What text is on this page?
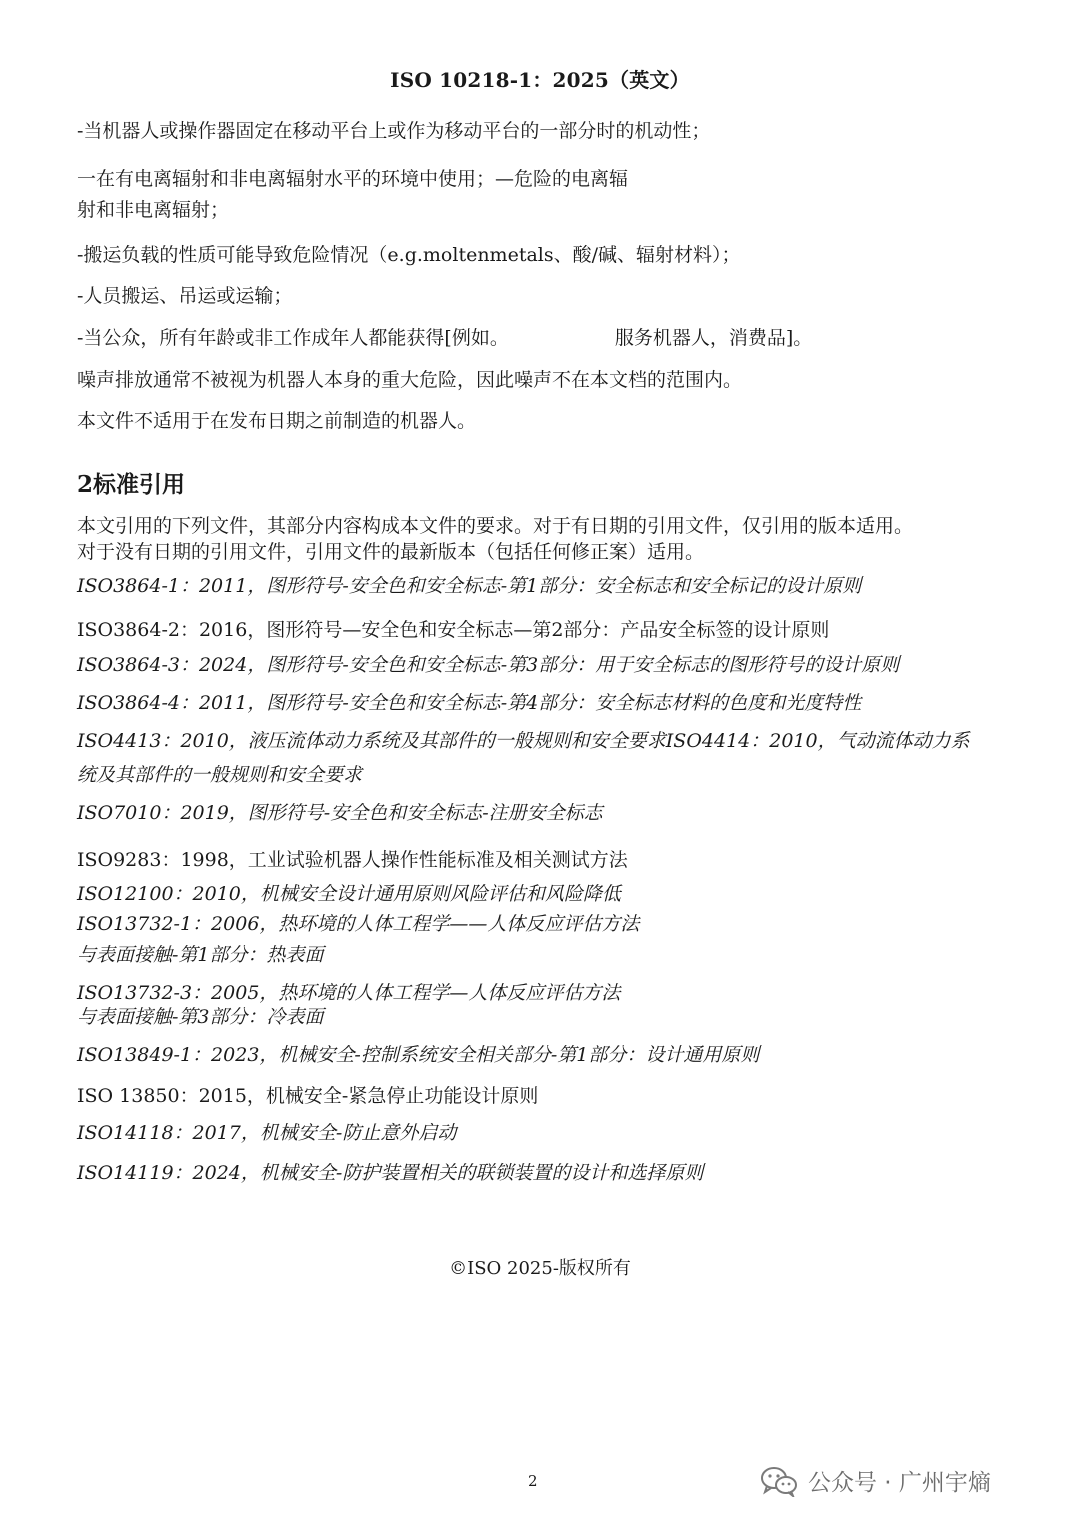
ISO 10218-1：2025（英文）
-当机器人或操作器固定在移动平台上或作为移动平台的一部分时的机动性；
一在有电离辐射和非电离辐射水平的环境中使用；—危险的电离辐
射和非电离辐射；
-搬运负载的性质可能导致危险情况（e.g.moltenmetals、酸/碱、辐射材料）；
-人员搬运、吊运或运输；
-当公众，所有年龄或非工作成年人都能获得[例如。	服务机器人，消费品]。
噪声排放通常不被视为机器人本身的重大危险，因此噪声不在本文档的范围内。
本文件不适用于在发布日期之前制造的机器人。
2标准引用
本文引用的下列文件，其部分内容构成本文件的要求。对于有日期的引用文件，仅引用的版本适用。
对于没有日期的引用文件，引用文件的最新版本（包括任何修正案）适用。
ISO3864-1：2011，图形符号-安全色和安全标志-第1部分：安全标志和安全标记的设计原则
ISO3864-2：2016，图形符号—安全色和安全标志—第2部分：产品安全标签的设计原则
ISO3864-3：2024，图形符号-安全色和安全标志-第3部分：用于安全标志的图形符号的设计原则
ISO3864-4：2011，图形符号-安全色和安全标志-第4部分：安全标志材料的色度和光度特性
ISO4413：2010，液压流体动力系统及其部件的一般规则和安全要求ISO4414：2010，气动流体动力系
统及其部件的一般规则和安全要求
ISO7010：2019，图形符号-安全色和安全标志-注册安全标志
ISO9283：1998，工业试验机器人操作性能标准及相关测试方法
ISO12100：2010，机械安全设计通用原则风险评估和风险降低
ISO13732-1：2006，热环境的人体工程学——人体反应评估方法
与表面接触-第1部分：热表面
ISO13732-3：2005，热环境的人体工程学—人体反应评估方法
与表面接触-第3部分：冷表面
ISO13849-1：2023，机械安全-控制系统安全相关部分-第1部分：设计通用原则
ISO 13850：2015，机械安全-紧急停止功能设计原则
ISO14118：2017，机械安全-防止意外启动
ISO14119：2024，机械安全-防护装置相关的联锁装置的设计和选择原则
©ISO 2025-版权所有
2	公众号 · 广州宇熵
